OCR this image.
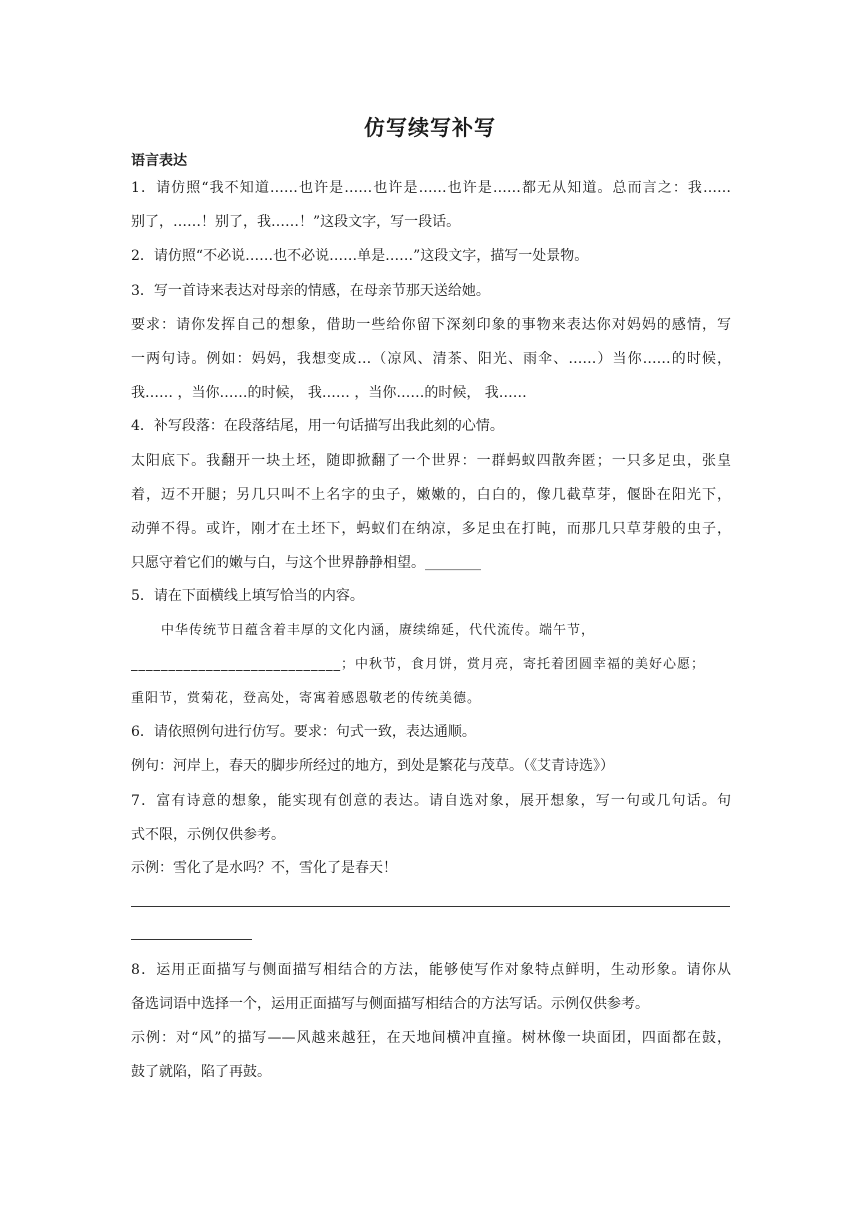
仿写续写补写
语言表达
1．请仿照“我不知道……也许是……也许是……也许是……都无从知道。总而言之：我……
别了，……！别了，我……！”这段文字，写一段话。
2．请仿照“不必说……也不必说……单是……”这段文字，描写一处景物。
3．写一首诗来表达对母亲的情感，在母亲节那天送给她。
要求：请你发挥自己的想象，借助一些给你留下深刻印象的事物来表达你对妈妈的感情，写
一两句诗。例如：妈妈，我想变成…（凉风、清茶、阳光、雨伞、……）当你……的时候，
我…… ，当你……的时候， 我…… ，当你……的时候， 我……
4．补写段落：在段落结尾，用一句话描写出我此刻的心情。
太阳底下。我翻开一块土坯，随即掀翻了一个世界：一群蚂蚁四散奔匿；一只多足虫，张皇
着，迈不开腿；另几只叫不上名字的虫子，嫩嫩的，白白的，像几截草芽，偃卧在阳光下，
动弹不得。或许，刚才在土坯下，蚂蚁们在纳凉，多足虫在打盹，而那几只草芽般的虫子，
只愿守着它们的嫩与白，与这个世界静静相望。________
5．请在下面横线上填写恰当的内容。
中华传统节日蕴含着丰厚的文化内涵，赓续绵延，代代流传。端午节，
____________________________；中秋节，食月饼，赏月亮，寄托着团圆幸福的美好心愿；
重阳节，赏菊花，登高处，寄寓着感恩敬老的传统美德。
6．请依照例句进行仿写。要求：句式一致，表达通顺。
例句：河岸上，春天的脚步所经过的地方，到处是繁花与茂草。（《艾青诗选》）
7．富有诗意的想象，能实现有创意的表达。请自选对象，展开想象，写一句或几句话。句
式不限，示例仅供参考。
示例：雪化了是水吗？不，雪化了是春天！
8．运用正面描写与侧面描写相结合的方法，能够使写作对象特点鲜明，生动形象。请你从
备选词语中选择一个，运用正面描写与侧面描写相结合的方法写话。示例仅供参考。
示例：对“风”的描写——风越来越狂，在天地间横冲直撞。树林像一块面团，四面都在鼓，
鼓了就陷，陷了再鼓。
